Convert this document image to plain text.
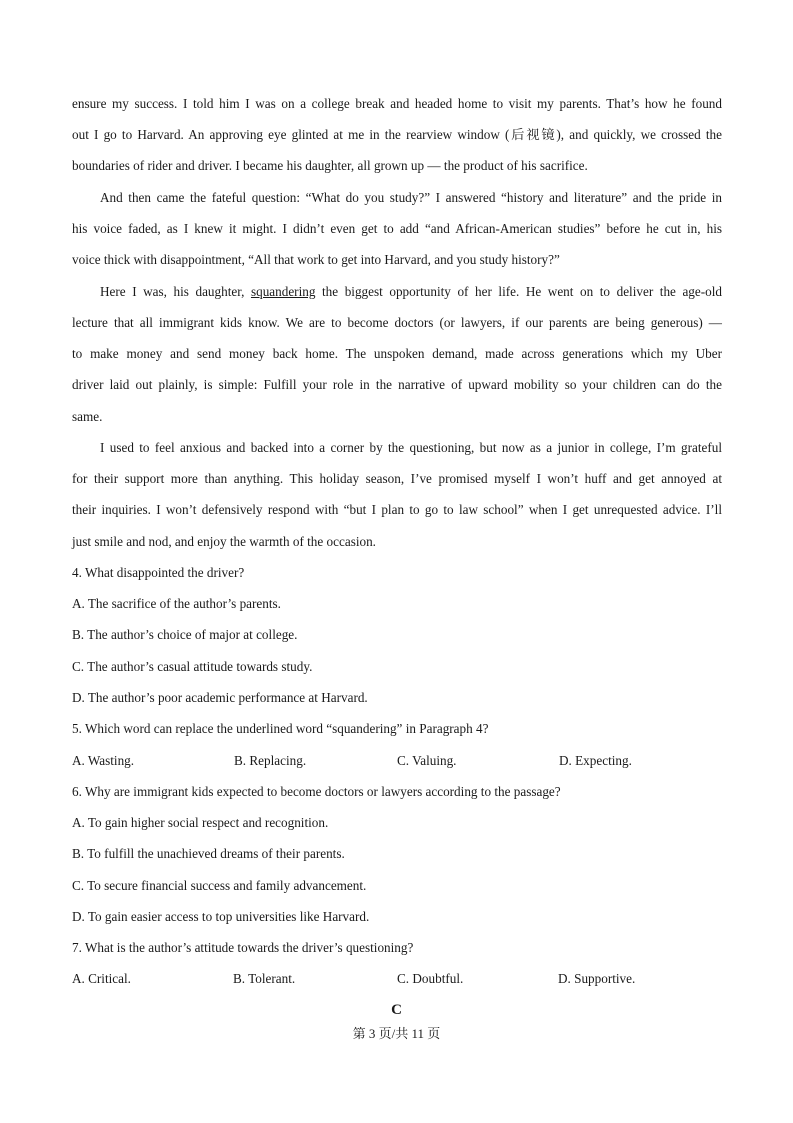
ensure my success. I told him I was on a college break and headed home to visit my parents. That’s how he found
out I go to Harvard. An approving eye glinted at me in the rearview window (后视镜), and quickly, we crossed the
boundaries of rider and driver. I became his daughter, all grown up — the product of his sacrifice.
And then came the fateful question: “What do you study?” I answered “history and literature” and the pride in
his voice faded, as I knew it might. I didn’t even get to add “and African-American studies” before he cut in, his
voice thick with disappointment, “All that work to get into Harvard, and you study history?”
Here I was, his daughter, squandering the biggest opportunity of her life. He went on to deliver the age-old
lecture that all immigrant kids know. We are to become doctors (or lawyers, if our parents are being generous) —
to make money and send money back home. The unspoken demand, made across generations which my Uber
driver laid out plainly, is simple: Fulfill your role in the narrative of upward mobility so your children can do the
same.
I used to feel anxious and backed into a corner by the questioning, but now as a junior in college, I’m grateful
for their support more than anything. This holiday season, I’ve promised myself I won’t huff and get annoyed at
their inquiries. I won’t defensively respond with “but I plan to go to law school” when I get unrequested advice. I’ll
just smile and nod, and enjoy the warmth of the occasion.
4. What disappointed the driver?
A. The sacrifice of the author’s parents.
B. The author’s choice of major at college.
C. The author’s casual attitude towards study.
D. The author’s poor academic performance at Harvard.
5. Which word can replace the underlined word “squandering” in Paragraph 4?
A. Wasting.	B. Replacing.	C. Valuing.	D. Expecting.
6. Why are immigrant kids expected to become doctors or lawyers according to the passage?
A. To gain higher social respect and recognition.
B. To fulfill the unachieved dreams of their parents.
C. To secure financial success and family advancement.
D. To gain easier access to top universities like Harvard.
7. What is the author’s attitude towards the driver’s questioning?
A. Critical.	B. Tolerant.	C. Doubtful.	D. Supportive.
C
第 3 页/共 11 页
